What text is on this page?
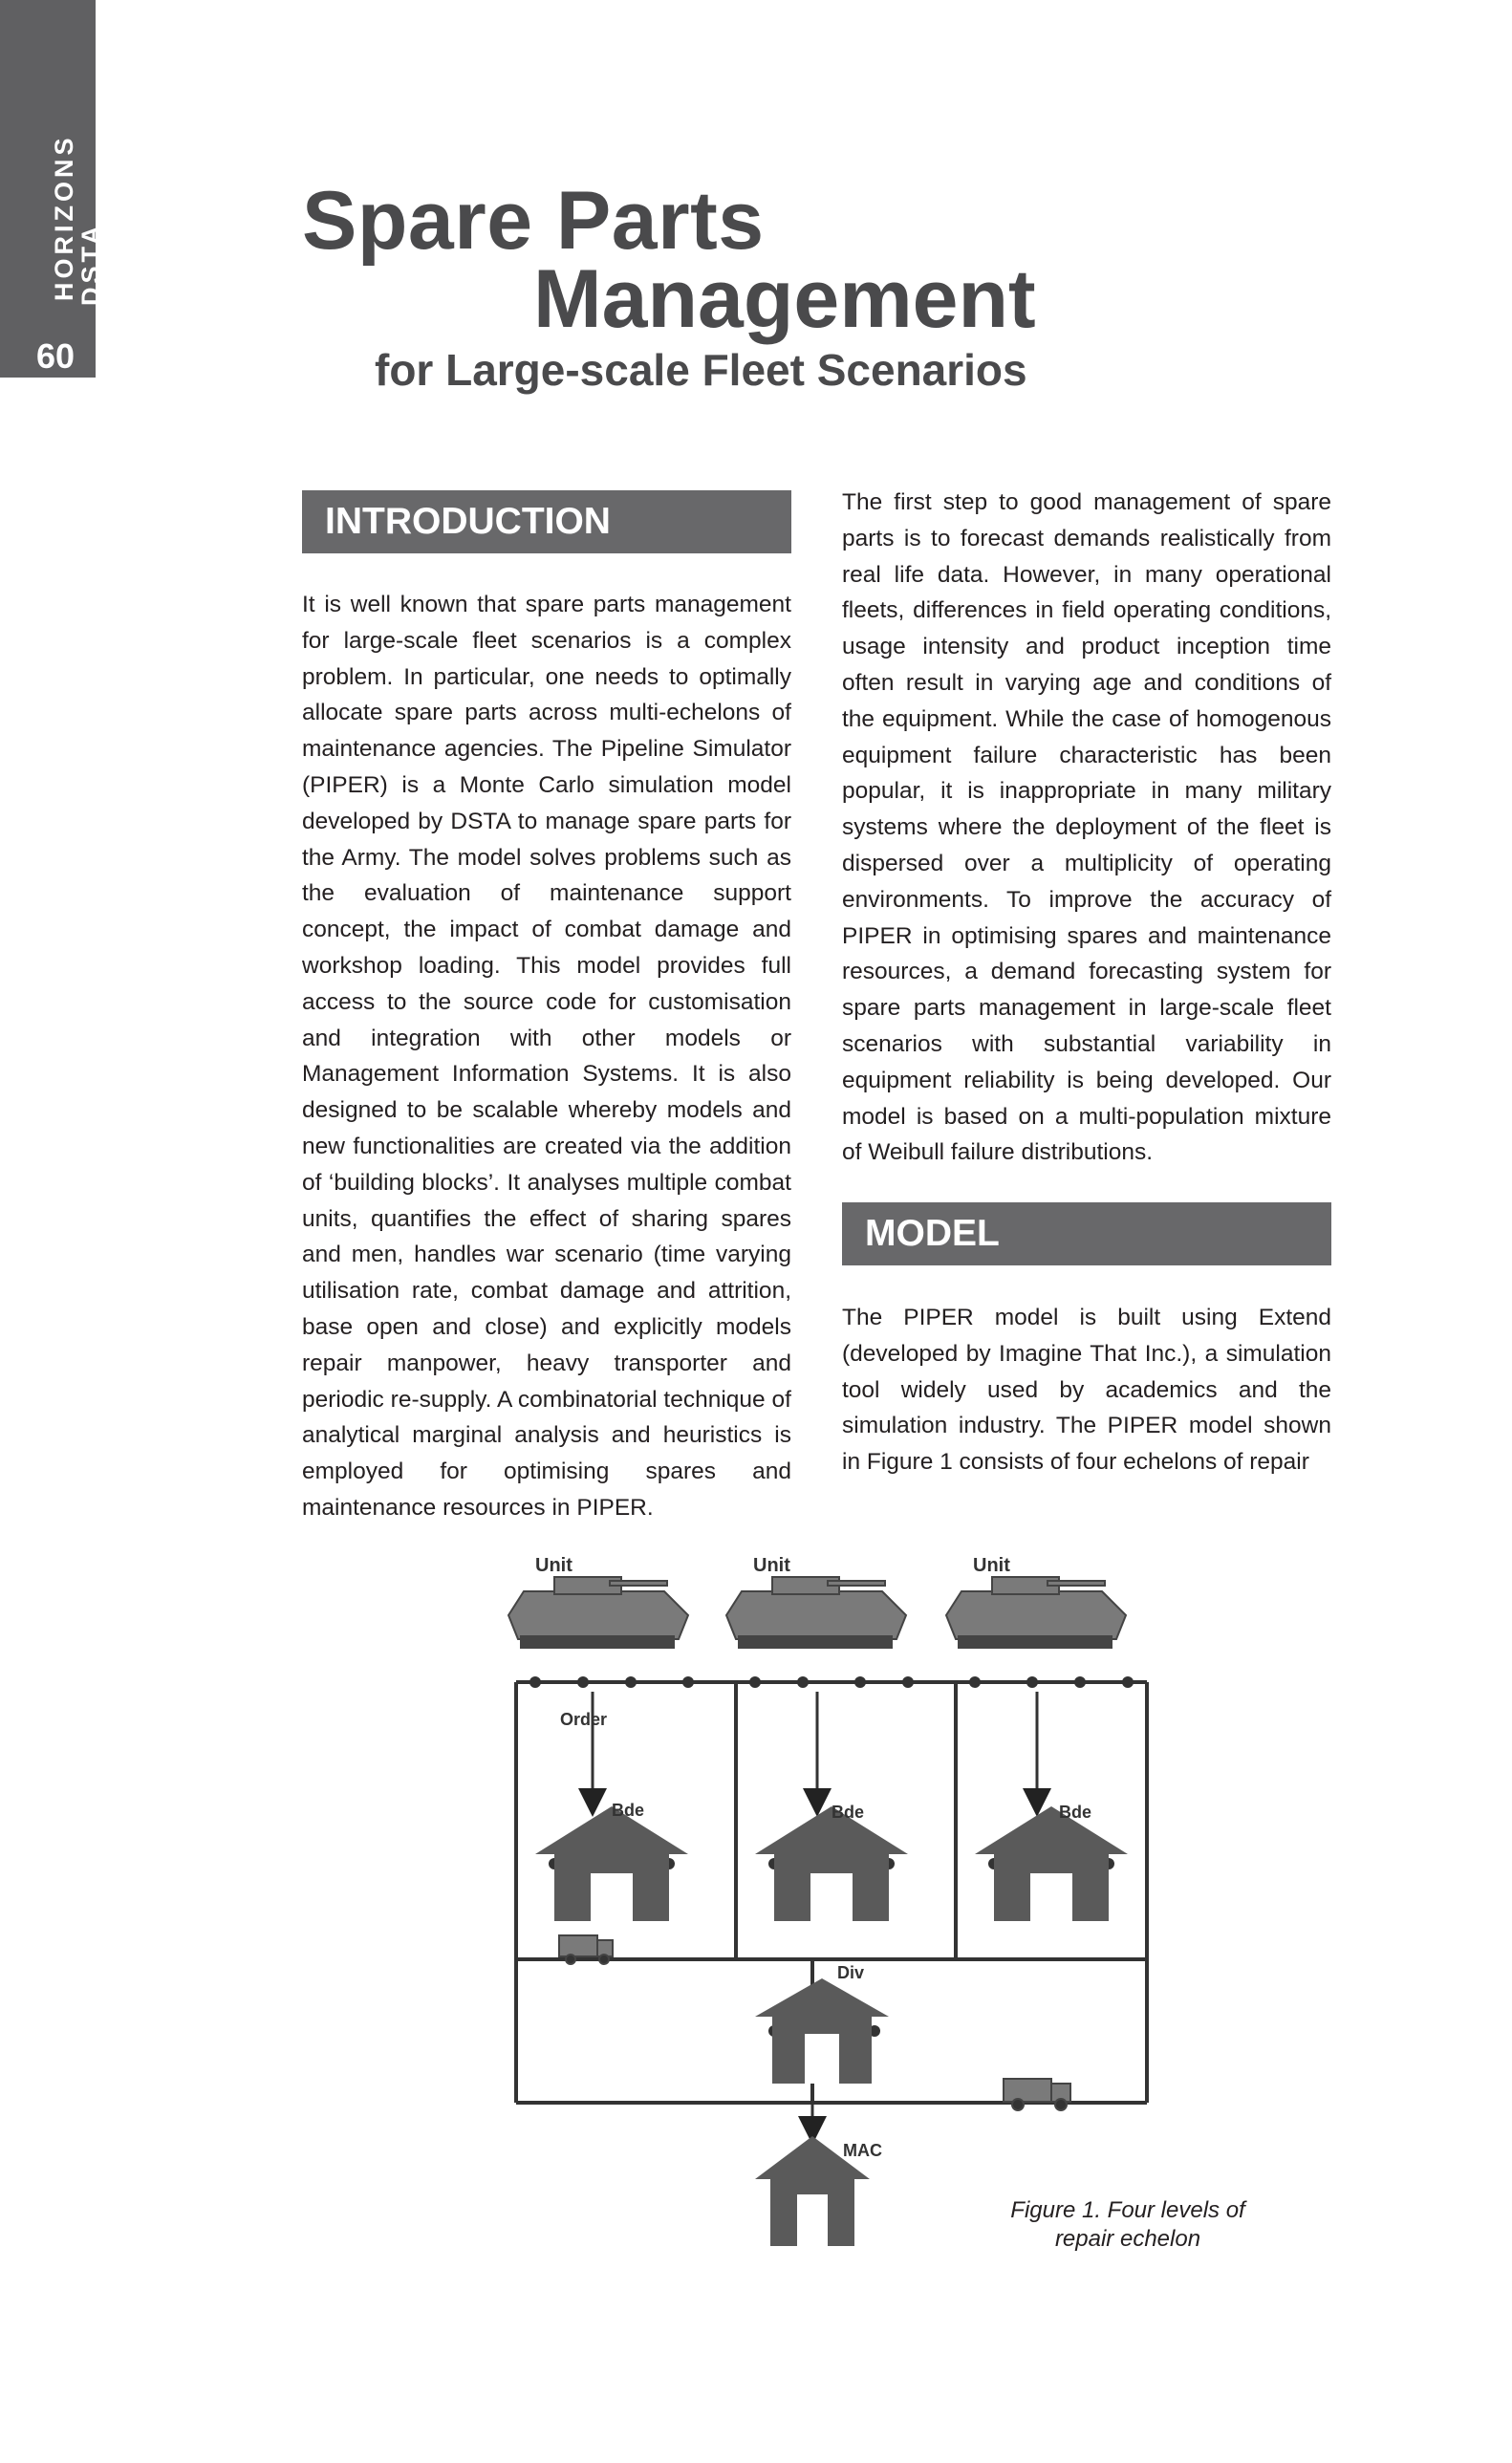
DSTA
HORIZONS
60
Spare Parts
Management
for Large-scale Fleet Scenarios
INTRODUCTION

It is well known that spare parts management for large-scale fleet scenarios is a complex problem. In particular, one needs to optimally allocate spare parts across multi-echelons of maintenance agencies. The Pipeline Simulator (PIPER) is a Monte Carlo simulation model developed by DSTA to manage spare parts for the Army. The model solves problems such as the evaluation of maintenance support concept, the impact of combat damage and workshop loading. This model provides full access to the source code for customisation and integration with other models or Management Information Systems. It is also designed to be scalable whereby models and new functionalities are created via the addition of ‘building blocks’. It analyses multiple combat units, quantifies the effect of sharing spares and men, handles war scenario (time varying utilisation rate, combat damage and attrition, base open and close) and explicitly models repair manpower, heavy transporter and periodic re-supply. A combinatorial technique of analytical marginal analysis and heuristics is employed for optimising spares and maintenance resources in PIPER.

The first step to good management of spare parts is to forecast demands realistically from real life data. However, in many operational fleets, differences in field operating conditions, usage intensity and product inception time often result in varying age and conditions of the equipment. While the case of homogenous equipment failure characteristic has been popular, it is inappropriate in many military systems where the deployment of the fleet is dispersed over a multiplicity of operating environments. To improve the accuracy of PIPER in optimising spares and maintenance resources, a demand forecasting system for spare parts management in large-scale fleet scenarios with substantial variability in equipment reliability is being developed. Our model is based on a multi-population mixture of Weibull failure distributions.

MODEL

The PIPER model is built using Extend (developed by Imagine That Inc.), a simulation tool widely used by academics and the simulation industry. The PIPER model shown in Figure 1 consists of four echelons of repair

Unit	Unit	Unit
Order
Bde	Bde	Bde
Div
MAC
Figure 1. Four levels of
repair echelon
